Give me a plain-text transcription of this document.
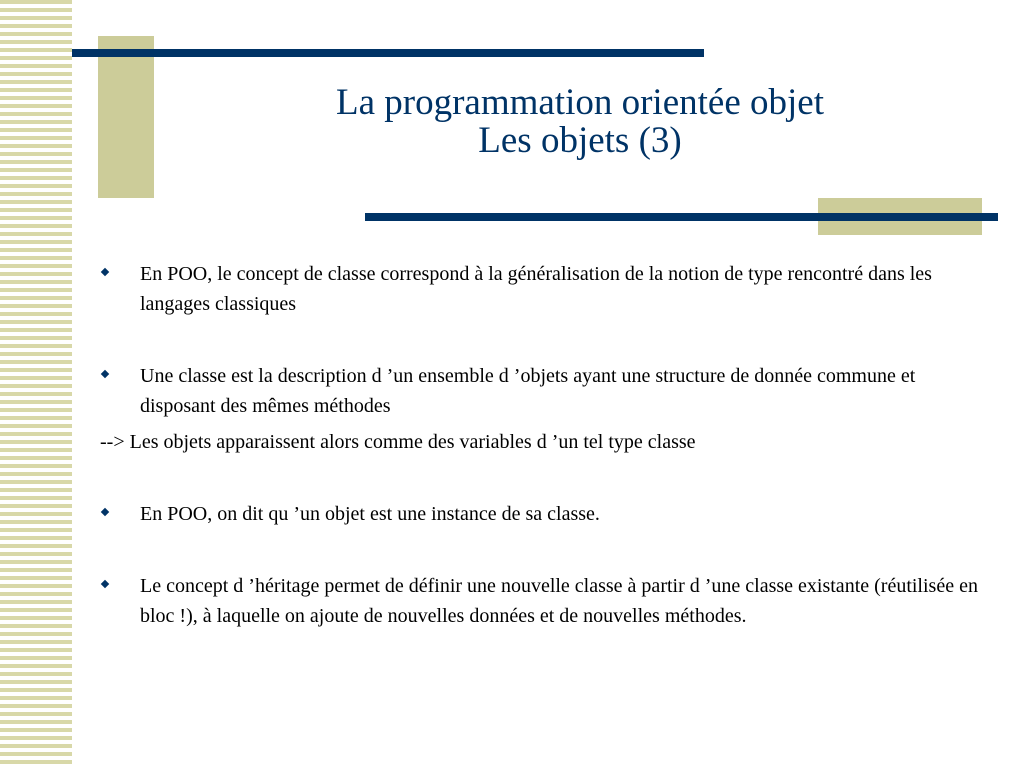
La programmation orientée objet
Les objets (3)
En POO, le concept de classe correspond à la généralisation de la notion de type rencontré dans les langages classiques
Une classe est la description d ’un ensemble d ’objets ayant une structure de donnée commune et disposant des mêmes méthodes
--> Les objets apparaissent alors comme des variables d ’un tel type classe
En POO, on dit qu ’un objet est une instance de sa classe.
Le concept d ’héritage permet de définir une nouvelle classe à partir d ’une classe existante (réutilisée en bloc !), à laquelle on ajoute de nouvelles données et de nouvelles méthodes.
